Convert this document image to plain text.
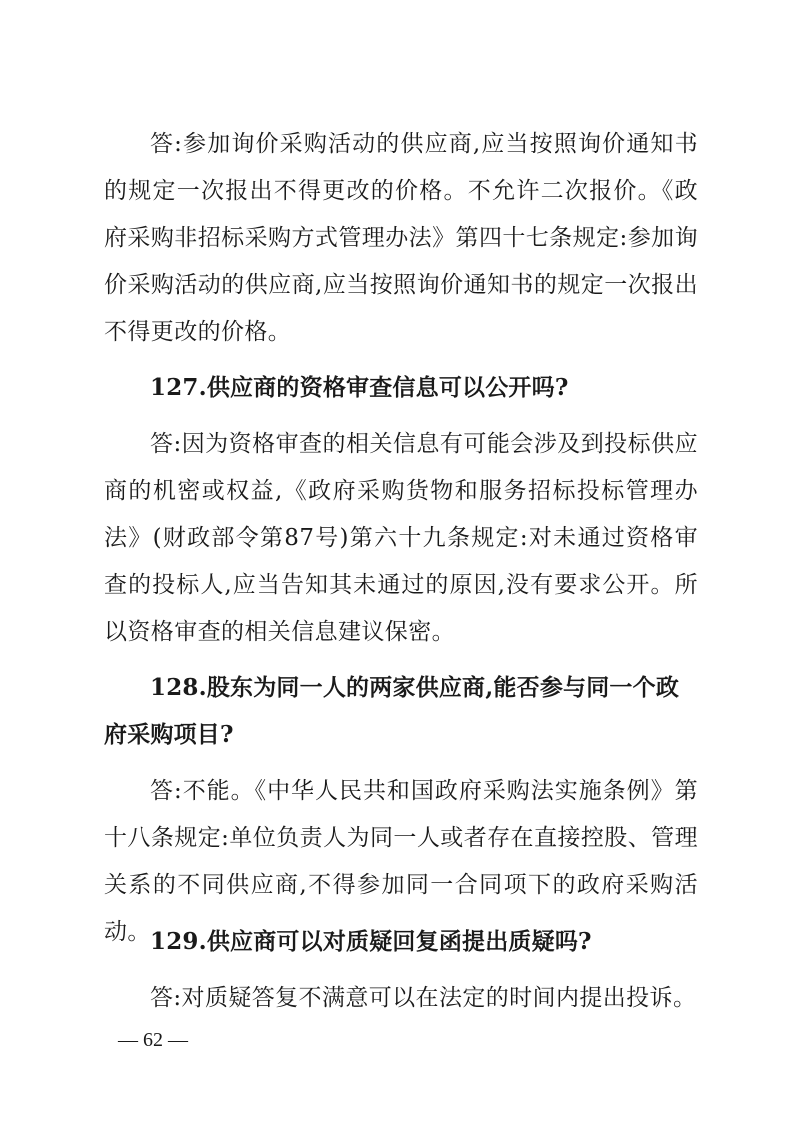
答:参加询价采购活动的供应商,应当按照询价通知书的规定一次报出不得更改的价格。不允许二次报价。《政府采购非招标采购方式管理办法》第四十七条规定:参加询价采购活动的供应商,应当按照询价通知书的规定一次报出不得更改的价格。

127.供应商的资格审查信息可以公开吗?

答:因为资格审查的相关信息有可能会涉及到投标供应商的机密或权益,《政府采购货物和服务招标投标管理办法》(财政部令第87号)第六十九条规定:对未通过资格审查的投标人,应当告知其未通过的原因,没有要求公开。所以资格审查的相关信息建议保密。

128.股东为同一人的两家供应商,能否参与同一个政府采购项目?

答:不能。《中华人民共和国政府采购法实施条例》第十八条规定:单位负责人为同一人或者存在直接控股、管理关系的不同供应商,不得参加同一合同项下的政府采购活动。 129.供应商可以对质疑回复函提出质疑吗?

答:对质疑答复不满意可以在法定的时间内提出投诉。

— 62 —
